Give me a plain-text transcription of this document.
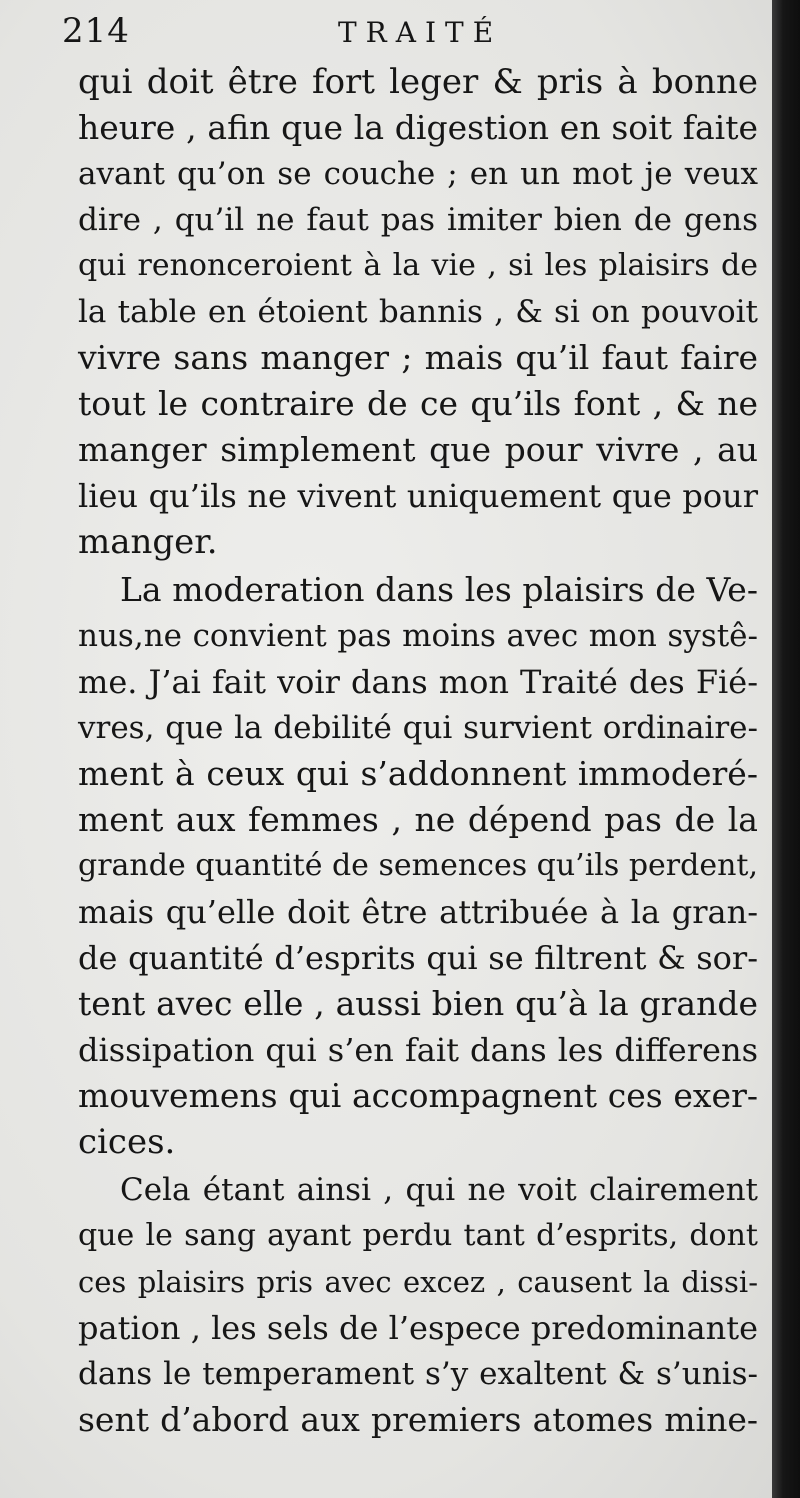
214	TRAITÉ
qui doit être fort leger & pris à bonne
heure , afin que la digestion en soit faite
avant qu’on se couche ; en un mot je veux
dire , qu’il ne faut pas imiter bien de gens
qui renonceroient à la vie , si les plaisirs de
la table en étoient bannis , & si on pouvoit
vivre sans manger ; mais qu’il faut faire
tout le contraire de ce qu’ils font , & ne
manger simplement que pour vivre , au
lieu qu’ils ne vivent uniquement que pour
manger.
La moderation dans les plaisirs de Ve-
nus,ne convient pas moins avec mon systê-
me. J’ai fait voir dans mon Traité des Fié-
vres, que la debilité qui survient ordinaire-
ment à ceux qui s’addonnent immoderé-
ment aux femmes , ne dépend pas de la
grande quantité de semences qu’ils perdent,
mais qu’elle doit être attribuée à la gran-
de quantité d’esprits qui se filtrent & sor-
tent avec elle , aussi bien qu’à la grande
dissipation qui s’en fait dans les differens
mouvemens qui accompagnent ces exer-
cices.
Cela étant ainsi , qui ne voit clairement
que le sang ayant perdu tant d’esprits, dont
ces plaisirs pris avec excez , causent la dissi-
pation , les sels de l’espece predominante
dans le temperament s’y exaltent & s’unis-
sent d’abord aux premiers atomes mine-
